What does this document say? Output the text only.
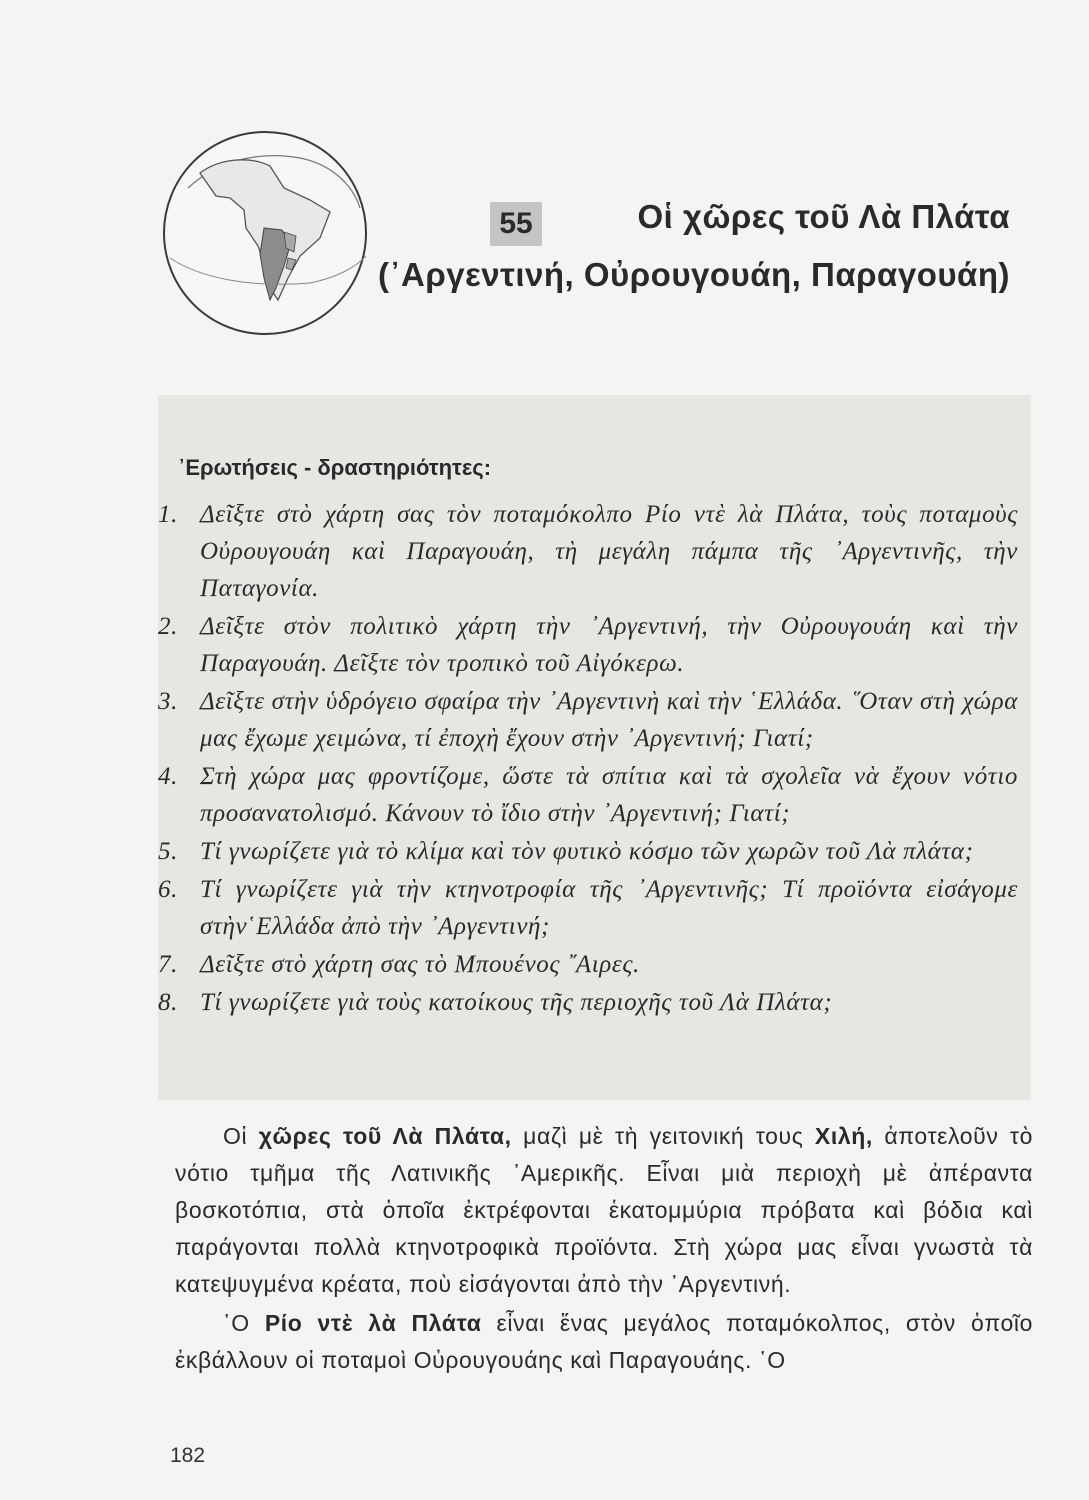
55	Οἱ χῶρες τοῦ Λὰ Πλάτα
(᾽Αργεντινή, Οὐρουγουάη, Παραγουάη)
᾽Ερωτήσεις - δραστηριότητες:
1. Δεῖξτε στὸ χάρτη σας τὸν ποταμόκολπο Ρίο ντὲ λὰ Πλάτα, τοὺς ποταμοὺς Οὐρουγουάη καὶ Παραγουάη, τὴ μεγάλη πάμπα τῆς ᾽Αργεντινῆς, τὴν Παταγονία.
2. Δεῖξτε στὸν πολιτικὸ χάρτη τὴν ᾽Αργεντινή, τὴν Οὐρουγουάη καὶ τὴν Παραγουάη. Δεῖξτε τὸν τροπικὸ τοῦ Αἰγόκερω.
3. Δεῖξτε στὴν ὑδρόγειο σφαίρα τὴν ᾽Αργεντινὴ καὶ τὴν ῾Ελλάδα. ῞Οταν στὴ χώρα μας ἔχωμε χειμώνα, τί ἐποχὴ ἔχουν στὴν ᾽Αργεντινή; Γιατί;
4. Στὴ χώρα μας φροντίζομε, ὥστε τὰ σπίτια καὶ τὰ σχολεῖα νὰ ἔχουν νότιο προσανατολισμό. Κάνουν τὸ ἴδιο στὴν ᾽Αργεντινή; Γιατί;
5. Τί γνωρίζετε γιὰ τὸ κλίμα καὶ τὸν φυτικὸ κόσμο τῶν χωρῶν τοῦ Λὰ πλάτα;
6. Τί γνωρίζετε γιὰ τὴν κτηνοτροφία τῆς ᾽Αργεντινῆς; Τί προϊόντα εἰσάγομε στὴν῾Ελλάδα ἀπὸ τὴν ᾽Αργεντινή;
7. Δεῖξτε στὸ χάρτη σας τὸ Μπουένος ῎Αιρες.
8. Τί γνωρίζετε γιὰ τοὺς κατοίκους τῆς περιοχῆς τοῦ Λὰ Πλάτα;

Οἱ χῶρες τοῦ Λὰ Πλάτα, μαζὶ μὲ τὴ γειτονική τους Χιλή, ἀποτελοῦν τὸ νότιο τμῆμα τῆς Λατινικῆς ᾽Αμερικῆς. Εἶναι μιὰ περιοχὴ μὲ ἀπέραντα βοσκοτόπια, στὰ ὁποῖα ἐκτρέφονται ἑκατομμύρια πρόβατα καὶ βόδια καὶ παράγονται πολλὰ κτηνοτροφικὰ προϊόντα. Στὴ χώρα μας εἶναι γνωστὰ τὰ κατεψυγμένα κρέατα, ποὺ εἰσάγονται ἀπὸ τὴν ᾽Αργεντινή.

῾Ο Ρίο ντὲ λὰ Πλάτα εἶναι ἕνας μεγάλος ποταμόκολπος, στὸν ὁποῖο ἐκβάλλουν οἱ ποταμοὶ Οὐρουγουάης καὶ Παραγουάης. ῾Ο

182
